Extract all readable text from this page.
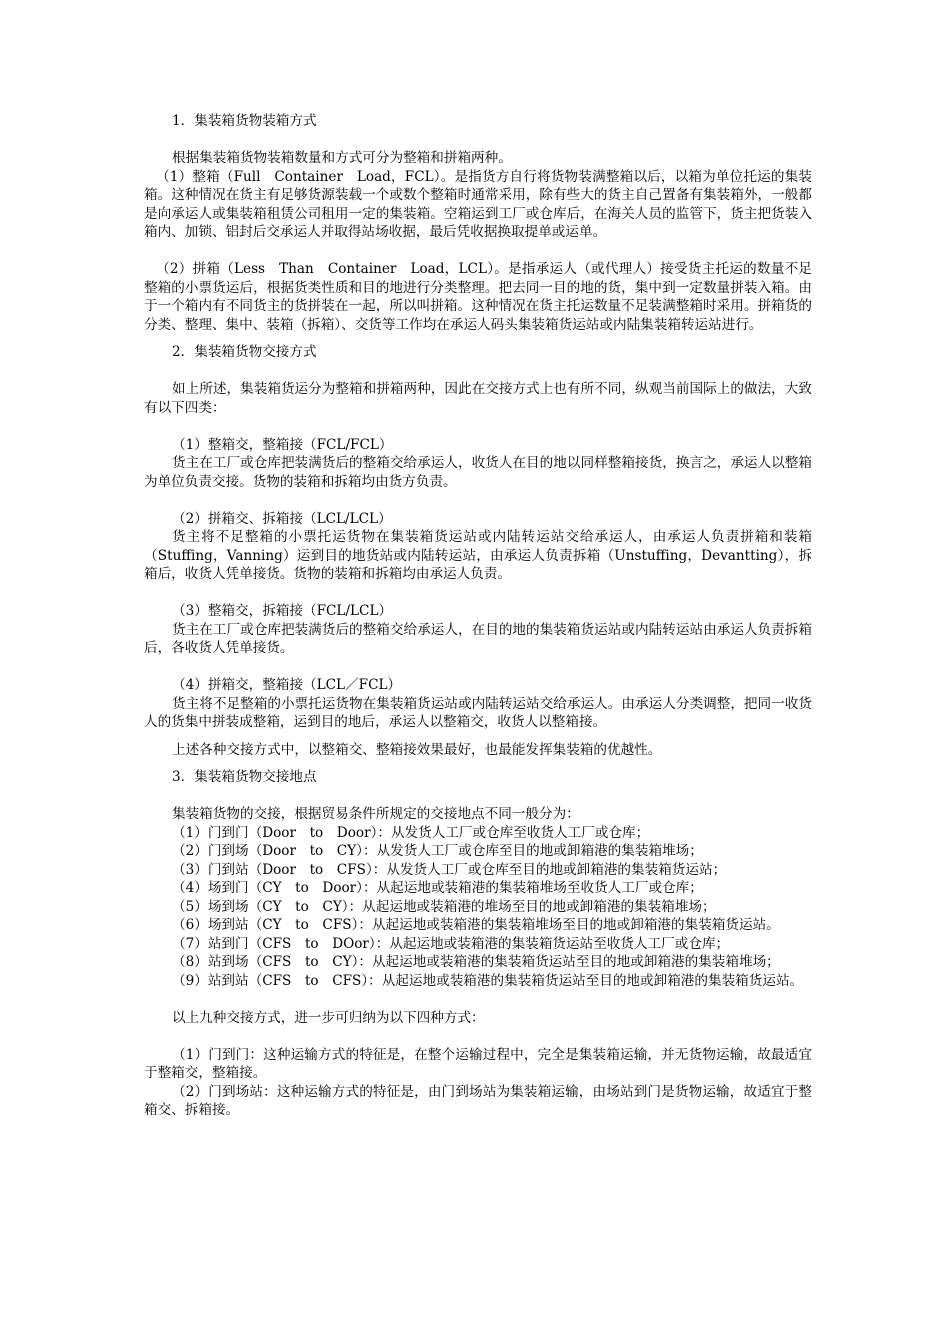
1．集装箱货物装箱方式

根据集装箱货物装箱数量和方式可分为整箱和拼箱两种。

（1）整箱（Full　Container　Load，FCL）。是指货方自行将货物装满整箱以后，以箱为单位托运的集装箱。这种情况在货主有足够货源装载一个或数个整箱时通常采用，除有些大的货主自己置备有集装箱外，一般都是向承运人或集装箱租赁公司租用一定的集装箱。空箱运到工厂或仓库后，在海关人员的监管下，货主把货装入箱内、加锁、铝封后交承运人并取得站场收据，最后凭收据换取提单或运单。

（2）拼箱（Less　Than　Container　Load，LCL）。是指承运人（或代理人）接受货主托运的数量不足整箱的小票货运后，根据货类性质和目的地进行分类整理。把去同一目的地的货，集中到一定数量拼装入箱。由于一个箱内有不同货主的货拼装在一起，所以叫拼箱。这种情况在货主托运数量不足装满整箱时采用。拼箱货的分类、整理、集中、装箱（拆箱）、交货等工作均在承运人码头集装箱货运站或内陆集装箱转运站进行。

2．集装箱货物交接方式

如上所述，集装箱货运分为整箱和拼箱两种，因此在交接方式上也有所不同，纵观当前国际上的做法，大致有以下四类：

（1）整箱交，整箱接（FCL/FCL）

货主在工厂或仓库把装满货后的整箱交给承运人，收货人在目的地以同样整箱接货，换言之，承运人以整箱为单位负责交接。货物的装箱和拆箱均由货方负责。

（2）拼箱交、拆箱接（LCL/LCL）

货主将不足整箱的小票托运货物在集装箱货运站或内陆转运站交给承运人，由承运人负责拼箱和装箱（Stuffing，Vanning）运到目的地货站或内陆转运站，由承运人负责拆箱（Unstuffing，Devantting），拆箱后，收货人凭单接货。货物的装箱和拆箱均由承运人负责。

（3）整箱交，拆箱接（FCL/LCL）

货主在工厂或仓库把装满货后的整箱交给承运人，在目的地的集装箱货运站或内陆转运站由承运人负责拆箱后，各收货人凭单接货。

（4）拼箱交，整箱接（LCL／FCL）

货主将不足整箱的小票托运货物在集装箱货运站或内陆转运站交给承运人。由承运人分类调整，把同一收货人的货集中拼装成整箱，运到目的地后，承运人以整箱交，收货人以整箱接。

上述各种交接方式中，以整箱交、整箱接效果最好，也最能发挥集装箱的优越性。

3．集装箱货物交接地点

集装箱货物的交接，根据贸易条件所规定的交接地点不同一般分为：

（1）门到门（Door　to　Door）：从发货人工厂或仓库至收货人工厂或仓库；

（2）门到场（Door　to　CY）：从发货人工厂或仓库至目的地或卸箱港的集装箱堆场；

（3）门到站（Door　to　CFS）：从发货人工厂或仓库至目的地或卸箱港的集装箱货运站；

（4）场到门（CY　to　Door）：从起运地或装箱港的集装箱堆场至收货人工厂或仓库；

（5）场到场（CY　to　CY）：从起运地或装箱港的堆场至目的地或卸箱港的集装箱堆场；

（6）场到站（CY　to　CFS）：从起运地或装箱港的集装箱堆场至目的地或卸箱港的集装箱货运站。

（7）站到门（CFS　to　DOor）：从起运地或装箱港的集装箱货运站至收货人工厂或仓库；

（8）站到场（CFS　to　CY）：从起运地或装箱港的集装箱货运站至目的地或卸箱港的集装箱堆场；

（9）站到站（CFS　to　CFS）：从起运地或装箱港的集装箱货运站至目的地或卸箱港的集装箱货运站。

以上九种交接方式，进一步可归纳为以下四种方式：

（1）门到门：这种运输方式的特征是，在整个运输过程中，完全是集装箱运输，并无货物运输，故最适宜于整箱交，整箱接。

（2）门到场站：这种运输方式的特征是，由门到场站为集装箱运输，由场站到门是货物运输，故适宜于整箱交、拆箱接。
